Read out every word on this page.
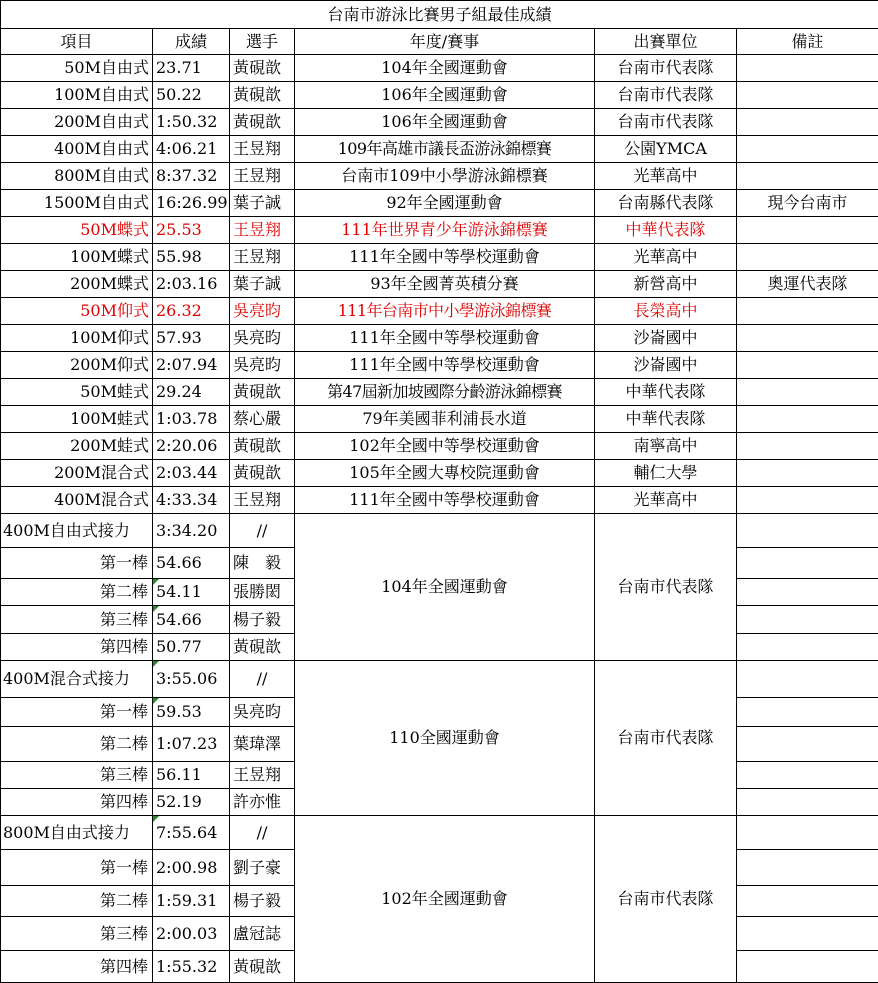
台南市游泳比賽男子組最佳成績					
項目	成績	選手	年度/賽事	出賽單位	備註
50M自由式	23.71	黃硯歆	104年全國運動會	台南市代表隊	
100M自由式	50.22	黃硯歆	106年全國運動會	台南市代表隊	
200M自由式	1:50.32	黃硯歆	106年全國運動會	台南市代表隊	
400M自由式	4:06.21	王昱翔	109年高雄市議長盃游泳錦標賽	公園YMCA	
800M自由式	8:37.32	王昱翔	台南市109中小學游泳錦標賽	光華高中	
1500M自由式	16:26.99	葉子誠	92年全國運動會	台南縣代表隊	現今台南市
50M蝶式	25.53	王昱翔	111年世界青少年游泳錦標賽	中華代表隊	
100M蝶式	55.98	王昱翔	111年全國中等學校運動會	光華高中	
200M蝶式	2:03.16	葉子誠	93年全國菁英積分賽	新營高中	奧運代表隊
50M仰式	26.32	吳亮昀	111年台南市中小學游泳錦標賽	長榮高中	
100M仰式	57.93	吳亮昀	111年全國中等學校運動會	沙崙國中	
200M仰式	2:07.94	吳亮昀	111年全國中等學校運動會	沙崙國中	
50M蛙式	29.24	黃硯歆	第47屆新加坡國際分齡游泳錦標賽	中華代表隊	
100M蛙式	1:03.78	蔡心嚴	79年美國菲利浦長水道	中華代表隊	
200M蛙式	2:20.06	黃硯歆	102年全國中等學校運動會	南寧高中	
200M混合式	2:03.44	黃硯歆	105年全國大專校院運動會	輔仁大學	
400M混合式	4:33.34	王昱翔	111年全國中等學校運動會	光華高中	
400M自由式接力	3:34.20	//	104年全國運動會	台南市代表隊	
第一棒	54.66	陳　毅			
第二棒	54.11	張勝閎			
第三棒	54.66	楊子毅			
第四棒	50.77	黃硯歆			
400M混合式接力	3:55.06	//	110全國運動會	台南市代表隊	
第一棒	59.53	吳亮昀			
第二棒	1:07.23	葉瑋澤			
第三棒	56.11	王昱翔			
第四棒	52.19	許亦惟			
800M自由式接力	7:55.64	//	102年全國運動會	台南市代表隊	
第一棒	2:00.98	劉子豪			
第二棒	1:59.31	楊子毅			
第三棒	2:00.03	盧冠誌			
第四棒	1:55.32	黃硯歆			
